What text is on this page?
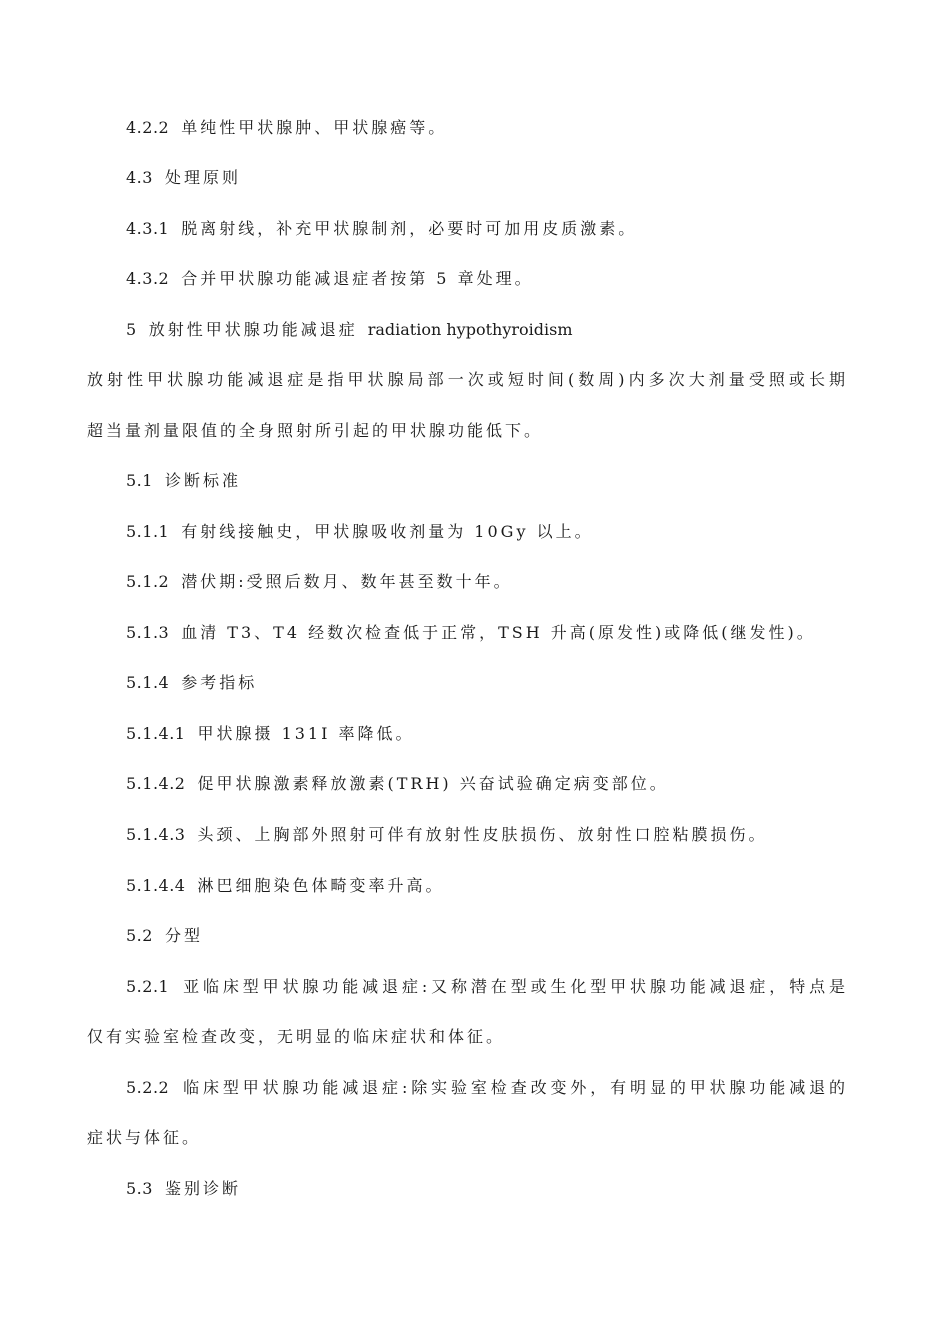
4.2.2 单纯性甲状腺肿、甲状腺癌等。
4.3 处理原则
4.3.1 脱离射线，补充甲状腺制剂，必要时可加用皮质激素。
4.3.2 合并甲状腺功能减退症者按第 5 章处理。
5 放射性甲状腺功能减退症 radiation hypothyroidism
放射性甲状腺功能减退症是指甲状腺局部一次或短时间(数周)内多次大剂量受照或长期
超当量剂量限值的全身照射所引起的甲状腺功能低下。
5.1 诊断标准
5.1.1 有射线接触史，甲状腺吸收剂量为 10Gy 以上。
5.1.2 潜伏期:受照后数月、数年甚至数十年。
5.1.3 血清 T3、T4 经数次检查低于正常，TSH 升高(原发性)或降低(继发性)。
5.1.4 参考指标
5.1.4.1 甲状腺摄 131I 率降低。
5.1.4.2 促甲状腺激素释放激素(TRH) 兴奋试验确定病变部位。
5.1.4.3 头颈、上胸部外照射可伴有放射性皮肤损伤、放射性口腔粘膜损伤。
5.1.4.4 淋巴细胞染色体畸变率升高。
5.2 分型
5.2.1 亚临床型甲状腺功能减退症:又称潜在型或生化型甲状腺功能减退症，特点是
仅有实验室检查改变，无明显的临床症状和体征。
5.2.2 临床型甲状腺功能减退症:除实验室检查改变外，有明显的甲状腺功能减退的
症状与体征。
5.3 鉴别诊断
